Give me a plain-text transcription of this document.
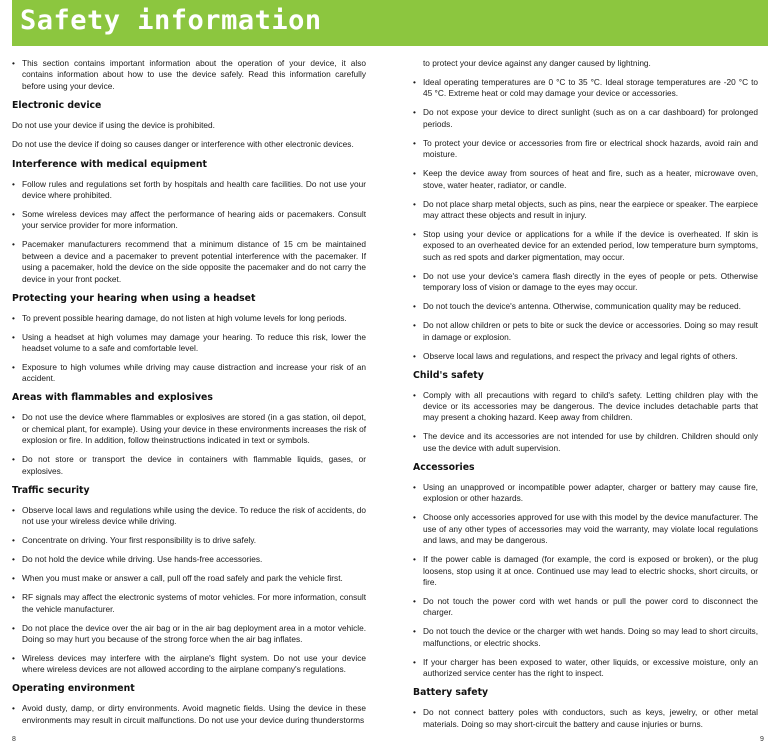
Safety information
• This section contains important information about the operation of your device, it also contains information about how to use the device safely. Read this information carefully before using your device.
Electronic device
Do not use your device if using the device is prohibited.
Do not use the device if doing so causes danger or interference with other electronic devices.
Interference with medical equipment
• Follow rules and regulations set forth by hospitals and health care facilities. Do not use your device where prohibited.
• Some wireless devices may affect the performance of hearing aids or pacemakers. Consult your service provider for more information.
• Pacemaker manufacturers recommend that a minimum distance of 15 cm be maintained between a device and a pacemaker to prevent potential interference with the pacemaker. If using a pacemaker, hold the device on the side opposite the pacemaker and do not carry the device in your front pocket.
Protecting your hearing when using a headset
• To prevent possible hearing damage, do not listen at high volume levels for long periods.
• Using a headset at high volumes may damage your hearing. To reduce this risk, lower the headset volume to a safe and comfortable level.
• Exposure to high volumes while driving may cause distraction and increase your risk of an accident.
Areas with flammables and explosives
• Do not use the device where flammables or explosives are stored (in a gas station, oil depot, or chemical plant, for example). Using your device in these environments increases the risk of explosion or fire. In addition, follow theinstructions indicated in text or symbols.
• Do not store or transport the device in containers with flammable liquids, gases, or explosives.
Traffic security
• Observe local laws and regulations while using the device. To reduce the risk of accidents, do not use your wireless device while driving.
• Concentrate on driving. Your first responsibility is to drive safely.
• Do not hold the device while driving. Use hands-free accessories.
• When you must make or answer a call, pull off the road safely and park the vehicle first.
• RF signals may affect the electronic systems of motor vehicles. For more information, consult the vehicle manufacturer.
• Do not place the device over the air bag or in the air bag deployment area in a motor vehicle. Doing so may hurt you because of the strong force when the air bag inflates.
• Wireless devices may interfere with the airplane's flight system. Do not use your device where wireless devices are not allowed according to the airplane company's regulations.
Operating environment
• Avoid dusty, damp, or dirty environments. Avoid magnetic fields. Using the device in these environments may result in circuit malfunctions. Do not use your device during thunderstorms
to protect your device against any danger caused by lightning.
• Ideal operating temperatures are 0 °C to 35 °C. Ideal storage temperatures are -20 °C to 45 °C. Extreme heat or cold may damage your device or accessories.
• Do not expose your device to direct sunlight (such as on a car dashboard) for prolonged periods.
• To protect your device or accessories from fire or electrical shock hazards, avoid rain and moisture.
• Keep the device away from sources of heat and fire, such as a heater, microwave oven, stove, water heater, radiator, or candle.
• Do not place sharp metal objects, such as pins, near the earpiece or speaker. The earpiece may attract these objects and result in injury.
• Stop using your device or applications for a while if the device is overheated. If skin is exposed to an overheated device for an extended period, low temperature burn symptoms, such as red spots and darker pigmentation, may occur.
• Do not use your device's camera flash directly in the eyes of people or pets. Otherwise temporary loss of vision or damage to the eyes may occur.
• Do not touch the device's antenna. Otherwise, communication quality may be reduced.
• Do not allow children or pets to bite or suck the device or accessories. Doing so may result in damage or explosion.
• Observe local laws and regulations, and respect the privacy and legal rights of others.
Child's safety
• Comply with all precautions with regard to child's safety. Letting children play with the device or its accessories may be dangerous. The device includes detachable parts that may present a choking hazard. Keep away from children.
• The device and its accessories are not intended for use by children. Children should only use the device with adult supervision.
Accessories
• Using an unapproved or incompatible power adapter, charger or battery may cause fire, explosion or other hazards.
• Choose only accessories approved for use with this model by the device manufacturer. The use of any other types of accessories may void the warranty, may violate local regulations and laws, and may be dangerous.
• If the power cable is damaged (for example, the cord is exposed or broken), or the plug loosens, stop using it at once. Continued use may lead to electric shocks, short circuits, or fire.
• Do not touch the power cord with wet hands or pull the power cord to disconnect the charger.
• Do not touch the device or the charger with wet hands. Doing so may lead to short circuits, malfunctions, or electric shocks.
• If your charger has been exposed to water, other liquids, or excessive moisture, only an authorized service center has the right to inspect.
Battery safety
• Do not connect battery poles with conductors, such as keys, jewelry, or other metal materials. Doing so may short-circuit the battery and cause injuries or burns.
8	9
